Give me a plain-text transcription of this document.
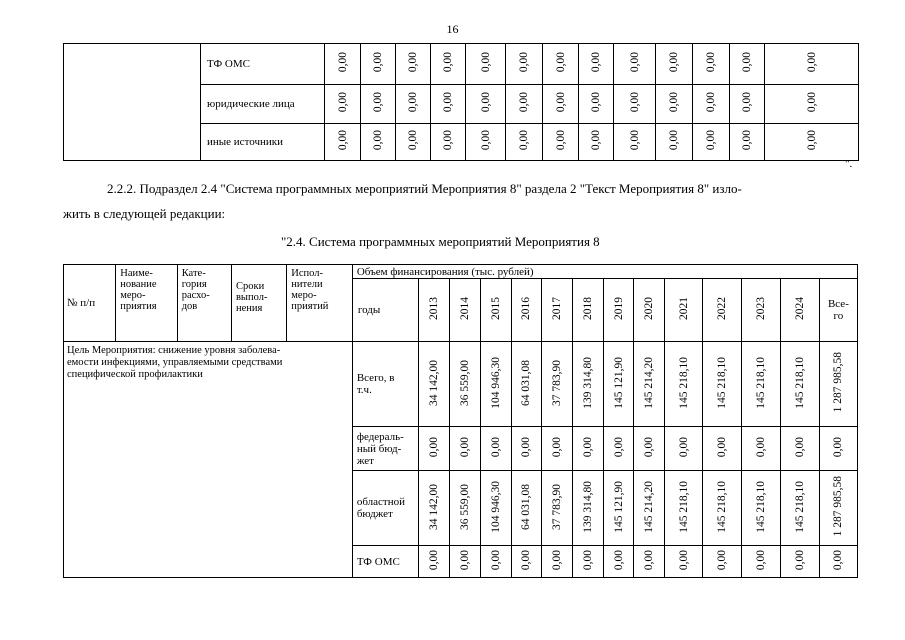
16
	ТФ ОМС	0,00	0,00	0,00	0,00	0,00	0,00	0,00	0,00	0,00	0,00	0,00	0,00	0,00
	юридические лица	0,00	0,00	0,00	0,00	0,00	0,00	0,00	0,00	0,00	0,00	0,00	0,00	0,00
	иные источники	0,00	0,00	0,00	0,00	0,00	0,00	0,00	0,00	0,00	0,00	0,00	0,00	0,00
".
2.2.2. Подраздел 2.4 "Система программных мероприятий Мероприятия 8" раздела 2 "Текст Мероприятия 8" изло-
жить в следующей редакции:
"2.4. Система программных мероприятий Мероприятия 8
№ п/п	Наиме-
нование
меро-
приятия	Кате-
гория
расхо-
дов	Сроки
выпол-
нения	Испол-
нители
меро-
приятий	Объем финансирования (тыс. рублей)													
					годы	2013	2014	2015	2016	2017	2018	2019	2020	2021	2022	2023	2024	Все-
го

Цель Мероприятия: снижение уровня заболева-
емости инфекциями, управляемыми средствами
специфической профилактики					Всего, в
т.ч.	34 142,00	36 559,00	104 946,30	64 031,08	37 783,90	139 314,80	145 121,90	145 214,20	145 218,10	145 218,10	145 218,10	145 218,10	1 287 985,58

					федераль-
ный бюд-
жет	0,00	0,00	0,00	0,00	0,00	0,00	0,00	0,00	0,00	0,00	0,00	0,00	0,00

					областной
бюджет	34 142,00	36 559,00	104 946,30	64 031,08	37 783,90	139 314,80	145 121,90	145 214,20	145 218,10	145 218,10	145 218,10	145 218,10	1 287 985,58

					ТФ ОМС	0,00	0,00	0,00	0,00	0,00	0,00	0,00	0,00	0,00	0,00	0,00	0,00	0,00
